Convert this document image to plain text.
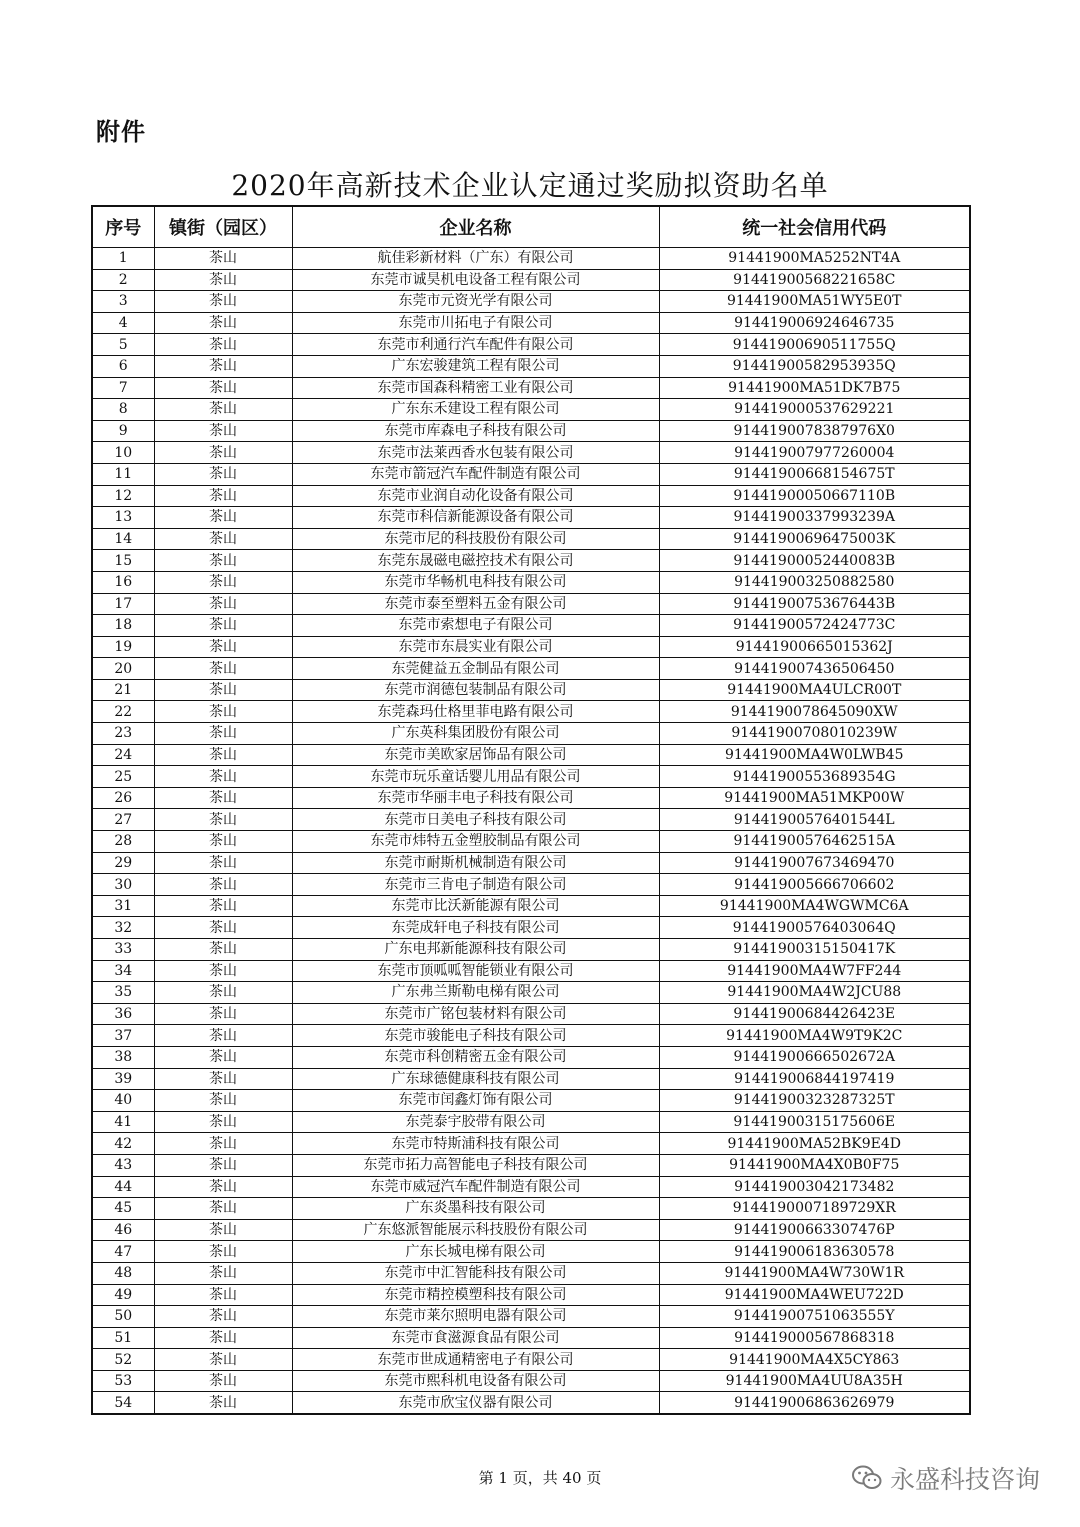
附件
2020年高新技术企业认定通过奖励拟资助名单
序号	镇街（园区）	企业名称	统一社会信用代码
1	茶山	航佳彩新材料（广东）有限公司	91441900MA5252NT4A
2	茶山	东莞市诚昊机电设备工程有限公司	91441900568221658C
3	茶山	东莞市元资光学有限公司	91441900MA51WY5E0T
4	茶山	东莞市川拓电子有限公司	914419006924646735
5	茶山	东莞市利通行汽车配件有限公司	91441900690511755Q
6	茶山	广东宏骏建筑工程有限公司	91441900582953935Q
7	茶山	东莞市国森科精密工业有限公司	91441900MA51DK7B75
8	茶山	广东东禾建设工程有限公司	914419000537629221
9	茶山	东莞市库森电子科技有限公司	9144190078387976X0
10	茶山	东莞市法莱西香水包装有限公司	914419007977260004
11	茶山	东莞市箭冠汽车配件制造有限公司	91441900668154675T
12	茶山	东莞市业润自动化设备有限公司	91441900050667110B
13	茶山	东莞市科信新能源设备有限公司	91441900337993239A
14	茶山	东莞市尼的科技股份有限公司	91441900696475003K
15	茶山	东莞东晟磁电磁控技术有限公司	91441900052440083B
16	茶山	东莞市华畅机电科技有限公司	914419003250882580
17	茶山	东莞市泰至塑料五金有限公司	91441900753676443B
18	茶山	东莞市索想电子有限公司	91441900572424773C
19	茶山	东莞市东晨实业有限公司	91441900665015362J
20	茶山	东莞健益五金制品有限公司	914419007436506450
21	茶山	东莞市润德包装制品有限公司	91441900MA4ULCR00T
22	茶山	东莞森玛仕格里菲电路有限公司	9144190078645090XW
23	茶山	广东英科集团股份有限公司	91441900708010239W
24	茶山	东莞市美欧家居饰品有限公司	91441900MA4W0LWB45
25	茶山	东莞市玩乐童话婴儿用品有限公司	91441900553689354G
26	茶山	东莞市华丽丰电子科技有限公司	91441900MA51MKP00W
27	茶山	东莞市日美电子科技有限公司	91441900576401544L
28	茶山	东莞市炜特五金塑胶制品有限公司	91441900576462515A
29	茶山	东莞市耐斯机械制造有限公司	914419007673469470
30	茶山	东莞市三肯电子制造有限公司	914419005666706602
31	茶山	东莞市比沃新能源有限公司	91441900MA4WGWMC6A
32	茶山	东莞成轩电子科技有限公司	91441900576403064Q
33	茶山	广东电邦新能源科技有限公司	91441900315150417K
34	茶山	东莞市顶呱呱智能锁业有限公司	91441900MA4W7FF244
35	茶山	广东弗兰斯勒电梯有限公司	91441900MA4W2JCU88
36	茶山	东莞市广铭包装材料有限公司	91441900684426423E
37	茶山	东莞市骏能电子科技有限公司	91441900MA4W9T9K2C
38	茶山	东莞市科创精密五金有限公司	91441900666502672A
39	茶山	广东球德健康科技有限公司	914419006844197419
40	茶山	东莞市闰鑫灯饰有限公司	91441900323287325T
41	茶山	东莞泰宇胶带有限公司	91441900315175606E
42	茶山	东莞市特斯浦科技有限公司	91441900MA52BK9E4D
43	茶山	东莞市拓力高智能电子科技有限公司	91441900MA4X0B0F75
44	茶山	东莞市威冠汽车配件制造有限公司	914419003042173482
45	茶山	广东炎墨科技有限公司	9144190007189729XR
46	茶山	广东悠派智能展示科技股份有限公司	91441900663307476P
47	茶山	广东长城电梯有限公司	914419006183630578
48	茶山	东莞市中汇智能科技有限公司	91441900MA4W730W1R
49	茶山	东莞市精控模塑科技有限公司	91441900MA4WEU722D
50	茶山	东莞市莱尔照明电器有限公司	91441900751063555Y
51	茶山	东莞市食滋源食品有限公司	914419000567868318
52	茶山	东莞市世成通精密电子有限公司	91441900MA4X5CY863
53	茶山	东莞市熙科机电设备有限公司	91441900MA4UU8A35H
54	茶山	东莞市欣宝仪器有限公司	914419006863626979
第 1 页，共 40 页	永盛科技咨询
